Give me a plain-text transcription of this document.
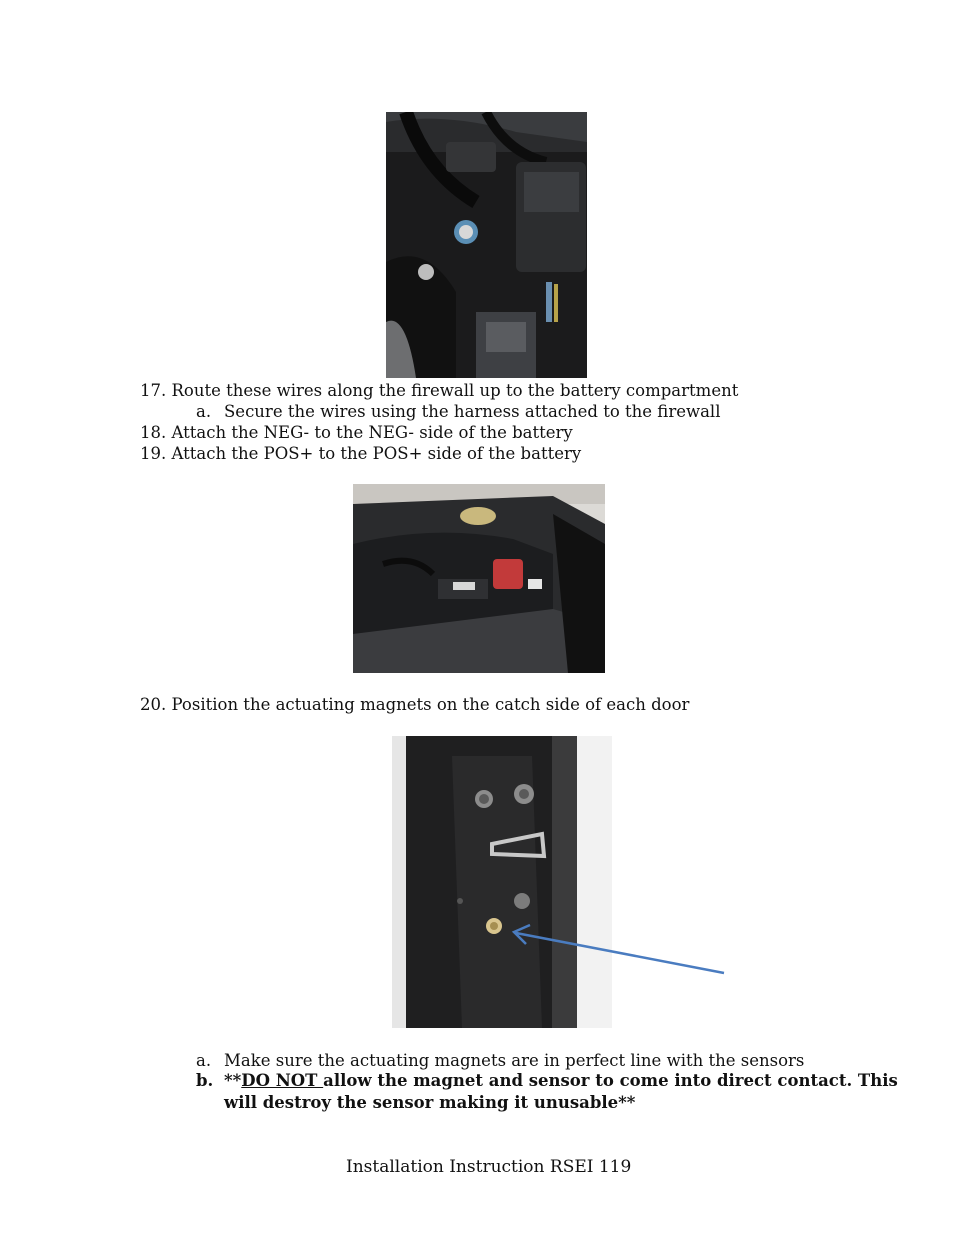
17. Route these wires along the firewall up to the battery compartment
a. Secure the wires using the harness attached to the firewall
18. Attach the NEG- to the NEG- side of the battery
19. Attach the POS+ to the POS+ side of the battery
20. Position the actuating magnets on the catch side of each door
a. Make sure the actuating magnets are in perfect line with the sensors
b. **DO NOT allow the magnet and sensor to come into direct contact. This
will destroy the sensor making it unusable**
Installation Instruction RSEI 119
